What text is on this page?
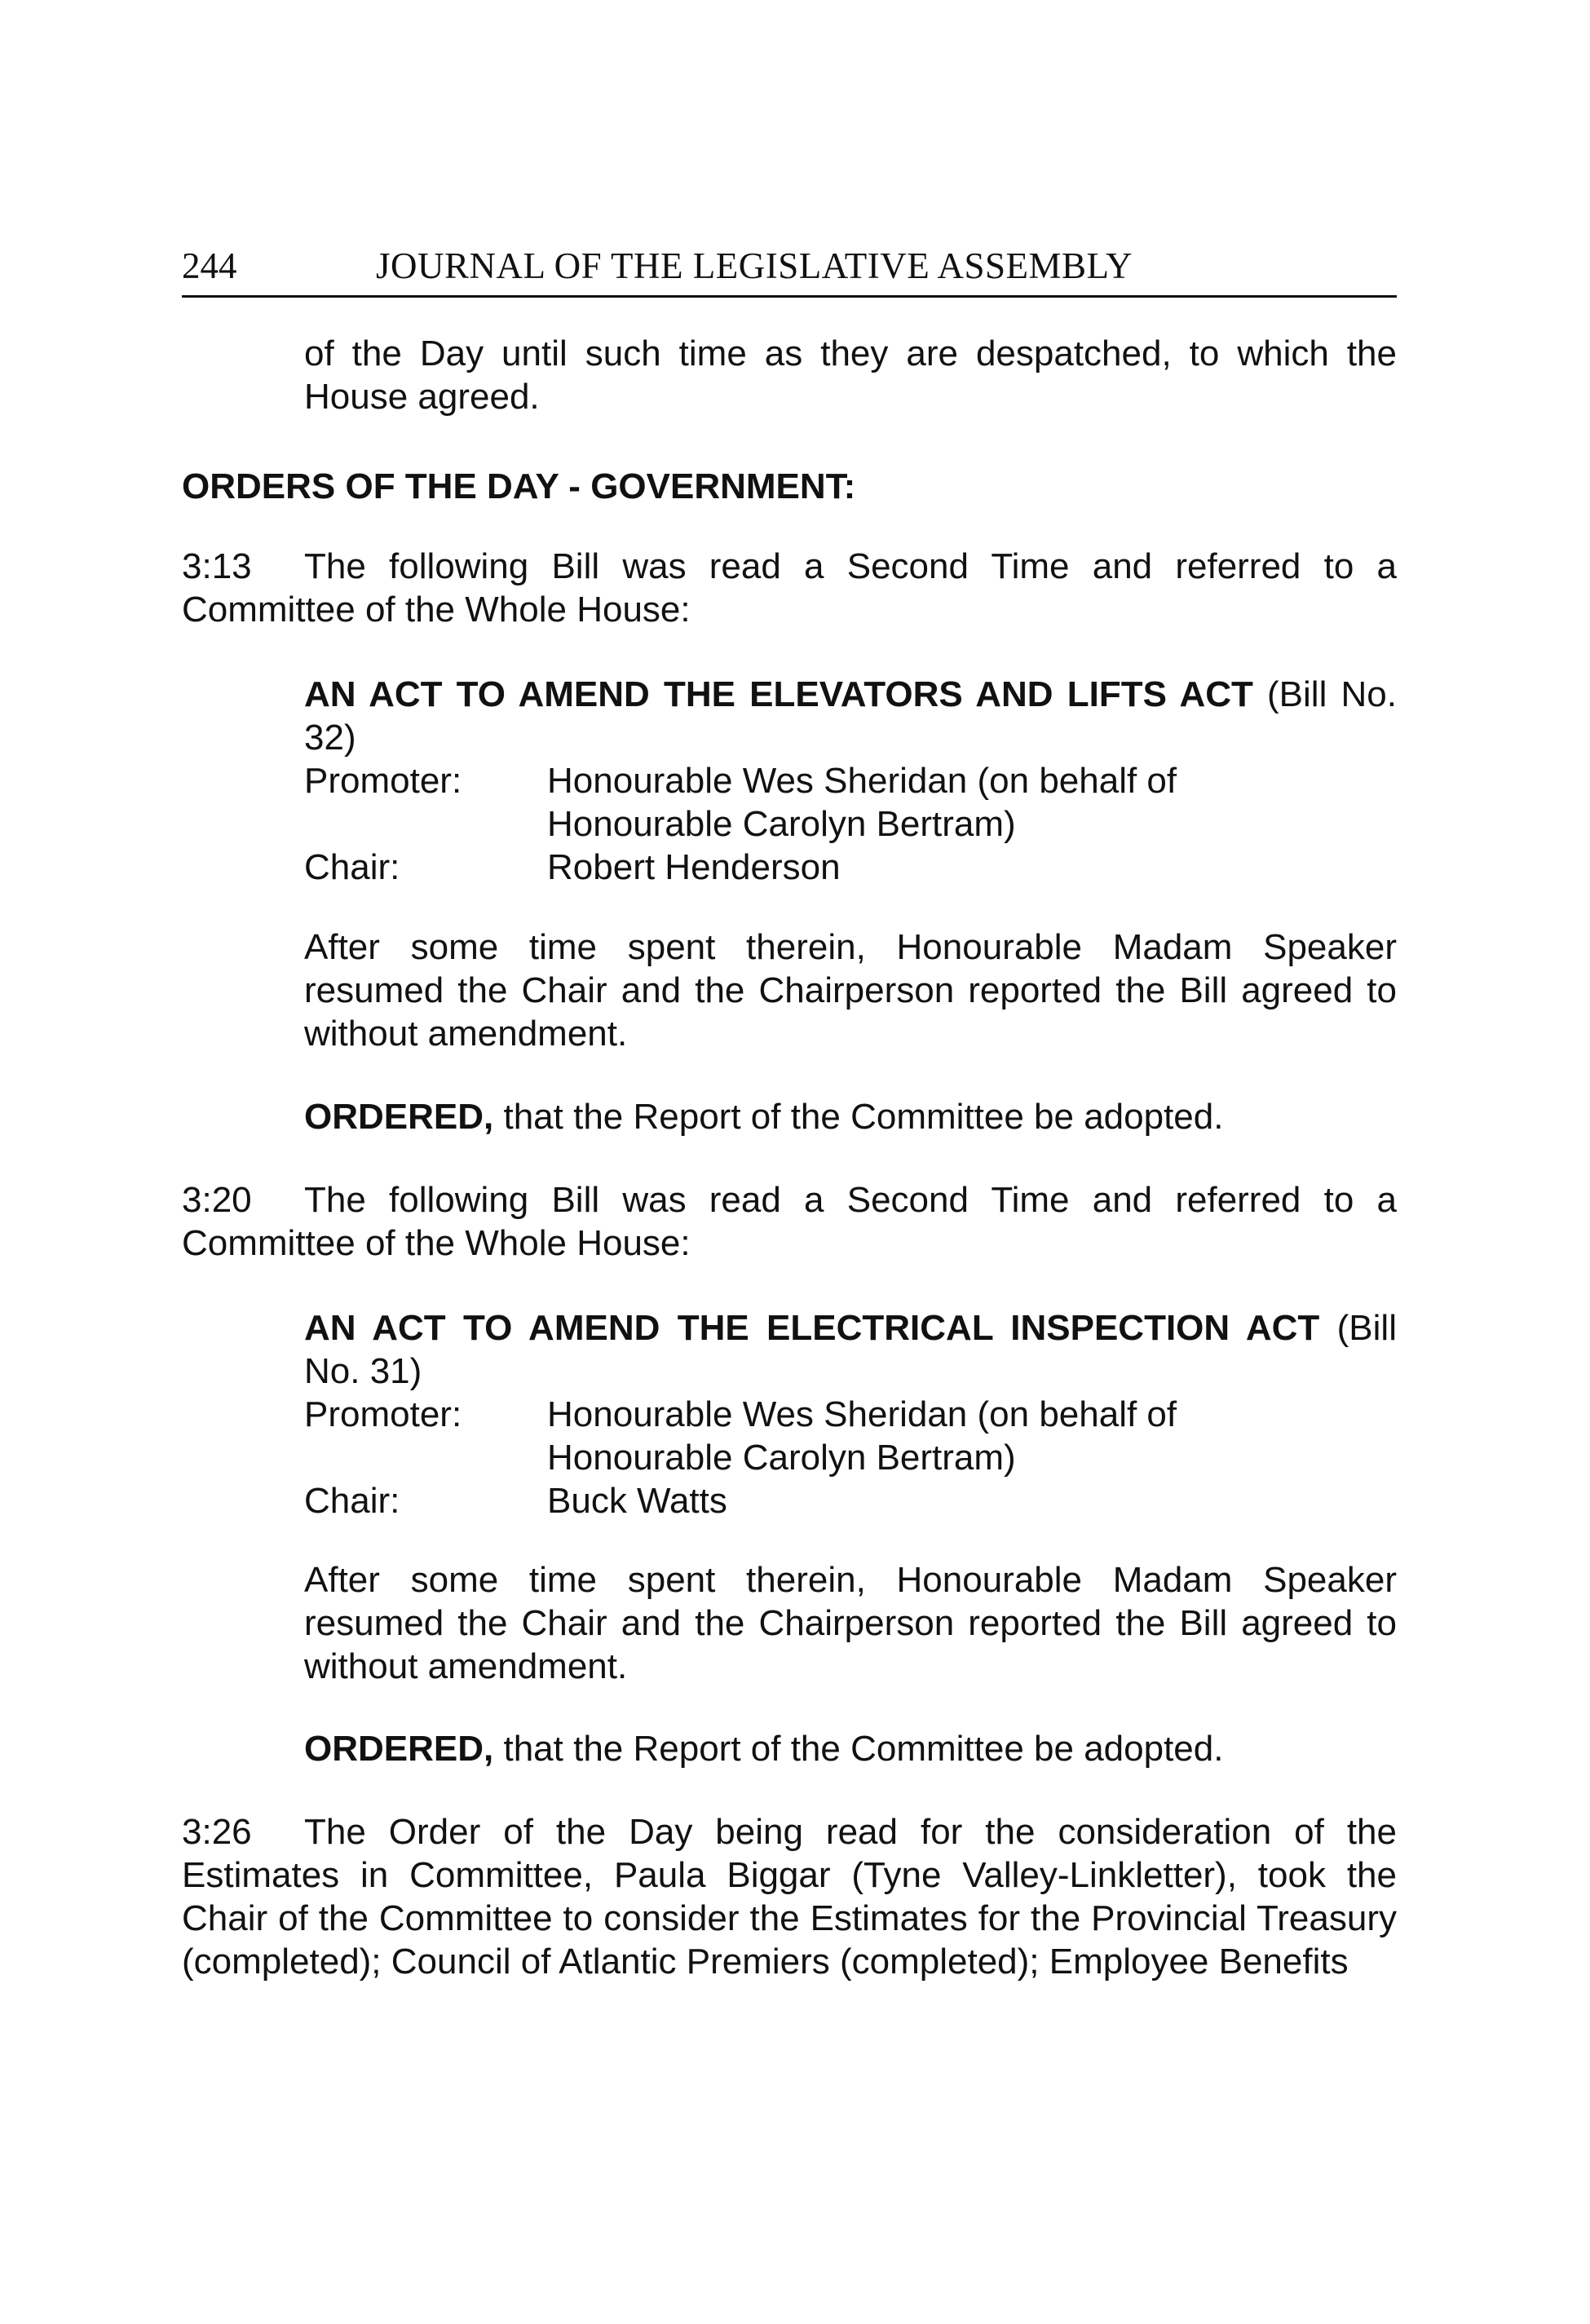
244	JOURNAL OF THE LEGISLATIVE ASSEMBLY
of the Day until such time as they are despatched, to which the House agreed.
ORDERS OF THE DAY - GOVERNMENT:
3:13 The following Bill was read a Second Time and referred to a Committee of the Whole House:
AN ACT TO AMEND THE ELEVATORS AND LIFTS ACT (Bill No. 32)
Promoter: Honourable Wes Sheridan (on behalf of
Honourable Carolyn Bertram)
Chair:	Robert Henderson
After some time spent therein, Honourable Madam Speaker resumed the Chair and the Chairperson reported the Bill agreed to without amendment.
ORDERED, that the Report of the Committee be adopted.
3:20 The following Bill was read a Second Time and referred to a Committee of the Whole House:
AN ACT TO AMEND THE ELECTRICAL INSPECTION ACT (Bill No. 31)
Promoter: Honourable Wes Sheridan (on behalf of
Honourable Carolyn Bertram)
Chair:	Buck Watts
After some time spent therein, Honourable Madam Speaker resumed the Chair and the Chairperson reported the Bill agreed to without amendment.
ORDERED, that the Report of the Committee be adopted.
3:26 The Order of the Day being read for the consideration of the Estimates in Committee, Paula Biggar (Tyne Valley-Linkletter), took the Chair of the Committee to consider the Estimates for the Provincial Treasury (completed); Council of Atlantic Premiers (completed); Employee Benefits
